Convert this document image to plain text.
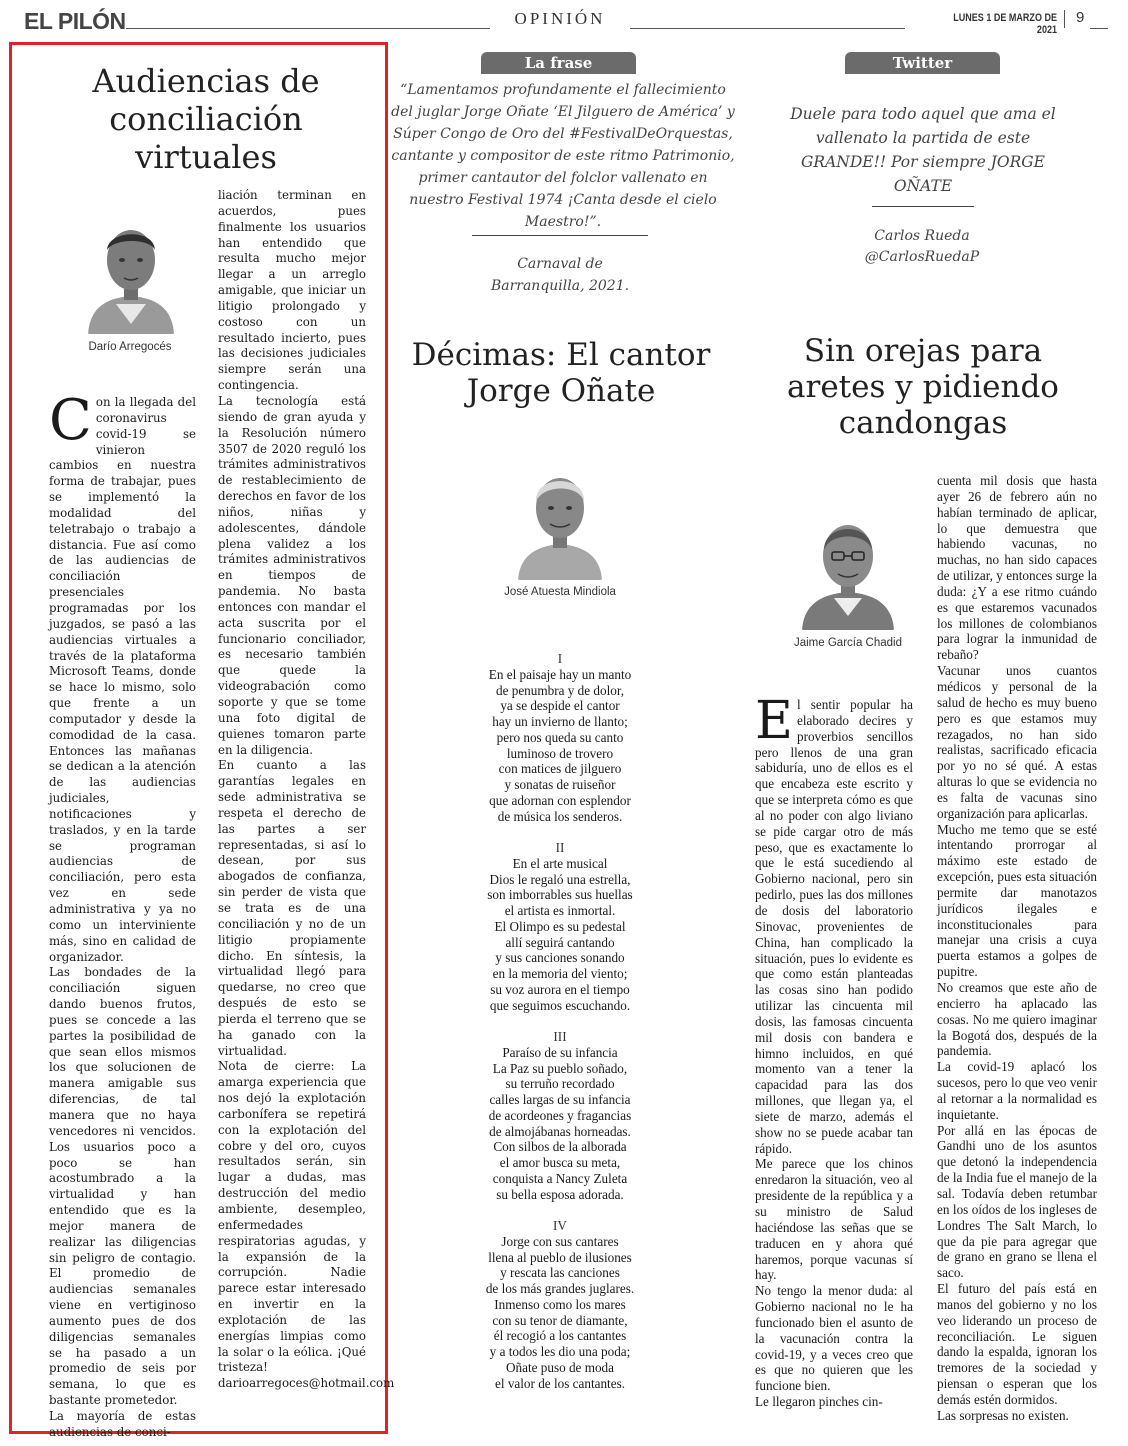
EL PILÓN	OPINIÓN	LUNES 1 DE MARZO DE 2021
9
Audiencias de conciliación virtuales
Darío Arregocés

Con la llegada del coronavirus covid-19 se vinieron cambios en nuestra forma de trabajar, pues se implementó la modalidad del teletrabajo o trabajo a distancia. Fue así como de las audiencias de conciliación presenciales programadas por los juzgados, se pasó a las audiencias virtuales a través de la plataforma Microsoft Teams, donde se hace lo mismo, solo que frente a un computador y desde la comodidad de la casa. Entonces las mañanas se dedican a la atención de las audiencias judiciales, notificaciones y traslados, y en la tarde se programan audiencias de conciliación, pero esta vez en sede administrativa y ya no como un interviniente más, sino en calidad de organizador.

Las bondades de la conciliación siguen dando buenos frutos, pues se concede a las partes la posibilidad de que sean ellos mismos los que solucionen de manera amigable sus diferencias, de tal manera que no haya vencedores ni vencidos. Los usuarios poco a poco se han acostumbrado a la virtualidad y han entendido que es la mejor manera de realizar las diligencias sin peligro de contagio. El promedio de audiencias semanales viene en vertiginoso aumento pues de dos diligencias semanales se ha pasado a un promedio de seis por semana, lo que es bastante prometedor.

La mayoría de estas audiencias de conci-

liación terminan en acuerdos, pues finalmente los usuarios han entendido que resulta mucho mejor llegar a un arreglo amigable, que iniciar un litigio prolongado y costoso con un resultado incierto, pues las decisiones judiciales siempre serán una contingencia.

La tecnología está siendo de gran ayuda y la Resolución número 3507 de 2020 reguló los trámites administrativos de restablecimiento de derechos en favor de los niños, niñas y adolescentes, dándole plena validez a los trámites administrativos en tiempos de pandemia. No basta entonces con mandar el acta suscrita por el funcionario conciliador, es necesario también que quede la videograbación como soporte y que se tome una foto digital de quienes tomaron parte en la diligencia.

En cuanto a las garantías legales en sede administrativa se respeta el derecho de las partes a ser representadas, si así lo desean, por sus abogados de confianza, sin perder de vista que se trata es de una conciliación y no de un litigio propiamente dicho. En síntesis, la virtualidad llegó para quedarse, no creo que después de esto se pierda el terreno que se ha ganado con la virtualidad.

Nota de cierre: La amarga experiencia que nos dejó la explotación carbonífera se repetirá con la explotación del cobre y del oro, cuyos resultados serán, sin lugar a dudas, mas destrucción del medio ambiente, desempleo, enfermedades respiratorias agudas, y la expansión de la corrupción. Nadie parece estar interesado en invertir en la explotación de las energías limpias como la solar o la eólica. ¡Qué tristeza! darioarregoces@hotmail.com

La frase
“Lamentamos profundamente el fallecimiento del juglar Jorge Oñate ‘El Jilguero de América’ y Súper Congo de Oro del #FestivalDeOrquestas, cantante y compositor de este ritmo Patrimonio, primer cantautor del folclor vallenato en nuestro Festival 1974 ¡Canta desde el cielo Maestro!”.
Carnaval de Barranquilla, 2021.
Décimas: El cantor Jorge Oñate
José Atuesta Mindiola
I
En el paisaje hay un manto
de penumbra y de dolor,
ya se despide el cantor
hay un invierno de llanto;
pero nos queda su canto
luminoso de trovero
con matices de jilguero
y sonatas de ruiseñor
que adornan con esplendor
de música los senderos.
II
En el arte musical
Dios le regaló una estrella,
son imborrables sus huellas
el artista es inmortal.
El Olimpo es su pedestal
allí seguirá cantando
y sus canciones sonando
en la memoria del viento;
su voz aurora en el tiempo
que seguimos escuchando.
III
Paraíso de su infancia
La Paz su pueblo soñado,
su terruño recordado
calles largas de su infancia
de acordeones y fragancias
de almojábanas horneadas.
Con silbos de la alborada
el amor busca su meta,
conquista a Nancy Zuleta
su bella esposa adorada.
IV
Jorge con sus cantares
llena al pueblo de ilusiones
y rescata las canciones
de los más grandes juglares.
Inmenso como los mares
con su tenor de diamante,
él recogió a los cantantes
y a todos les dio una poda;
Oñate puso de moda
el valor de los cantantes.
Twitter
Duele para todo aquel que ama el vallenato la partida de este GRANDE!! Por siempre JORGE OÑATE
Carlos Rueda
@CarlosRuedaP
Sin orejas para aretes y pidiendo candongas
Jaime García Chadid

El sentir popular ha elaborado decires y proverbios sencillos pero llenos de una gran sabiduría, uno de ellos es el que encabeza este escrito y que se interpreta cómo es que al no poder con algo liviano se pide cargar otro de más peso, que es exactamente lo que le está sucediendo al Gobierno nacional, pero sin pedirlo, pues las dos millones de dosis del laboratorio Sinovac, provenientes de China, han complicado la situación, pues lo evidente es que como están planteadas las cosas sino han podido utilizar las cincuenta mil dosis, las famosas cincuenta mil dosis con bandera e himno incluidos, en qué momento van a tener la capacidad para las dos millones, que llegan ya, el siete de marzo, además el show no se puede acabar tan rápido.

Me parece que los chinos enredaron la situación, veo al presidente de la república y a su ministro de Salud haciéndose las señas que se traducen en y ahora qué haremos, porque vacunas sí hay.

No tengo la menor duda: al Gobierno nacional no le ha funcionado bien el asunto de la vacunación contra la covid-19, y a veces creo que es que no quieren que les funcione bien.

Le llegaron pinches cin-

cuenta mil dosis que hasta ayer 26 de febrero aún no habían terminado de aplicar, lo que demuestra que habiendo vacunas, no muchas, no han sido capaces de utilizar, y entonces surge la duda: ¿Y a ese ritmo cuándo es que estaremos vacunados los millones de colombianos para lograr la inmunidad de rebaño?

Vacunar unos cuantos médicos y personal de la salud de hecho es muy bueno pero es que estamos muy rezagados, no han sido realistas, sacrificado eficacia por yo no sé qué. A estas alturas lo que se evidencia no es falta de vacunas sino organización para aplicarlas.

Mucho me temo que se esté intentando prorrogar al máximo este estado de excepción, pues esta situación permite dar manotazos jurídicos ilegales e inconstitucionales para manejar una crisis a cuya puerta estamos a golpes de pupitre.

No creamos que este año de encierro ha aplacado las cosas. No me quiero imaginar la Bogotá dos, después de la pandemia.

La covid-19 aplacó los sucesos, pero lo que veo venir al retornar a la normalidad es inquietante.

Por allá en las épocas de Gandhi uno de los asuntos que detonó la independencia de la India fue el manejo de la sal. Todavía deben retumbar en los oídos de los ingleses de Londres The Salt March, lo que da pie para agregar que de grano en grano se llena el saco.

El futuro del país está en manos del gobierno y no los veo liderando un proceso de reconciliación. Le siguen dando la espalda, ignoran los tremores de la sociedad y piensan o esperan que los demás estén dormidos.

Las sorpresas no existen.
